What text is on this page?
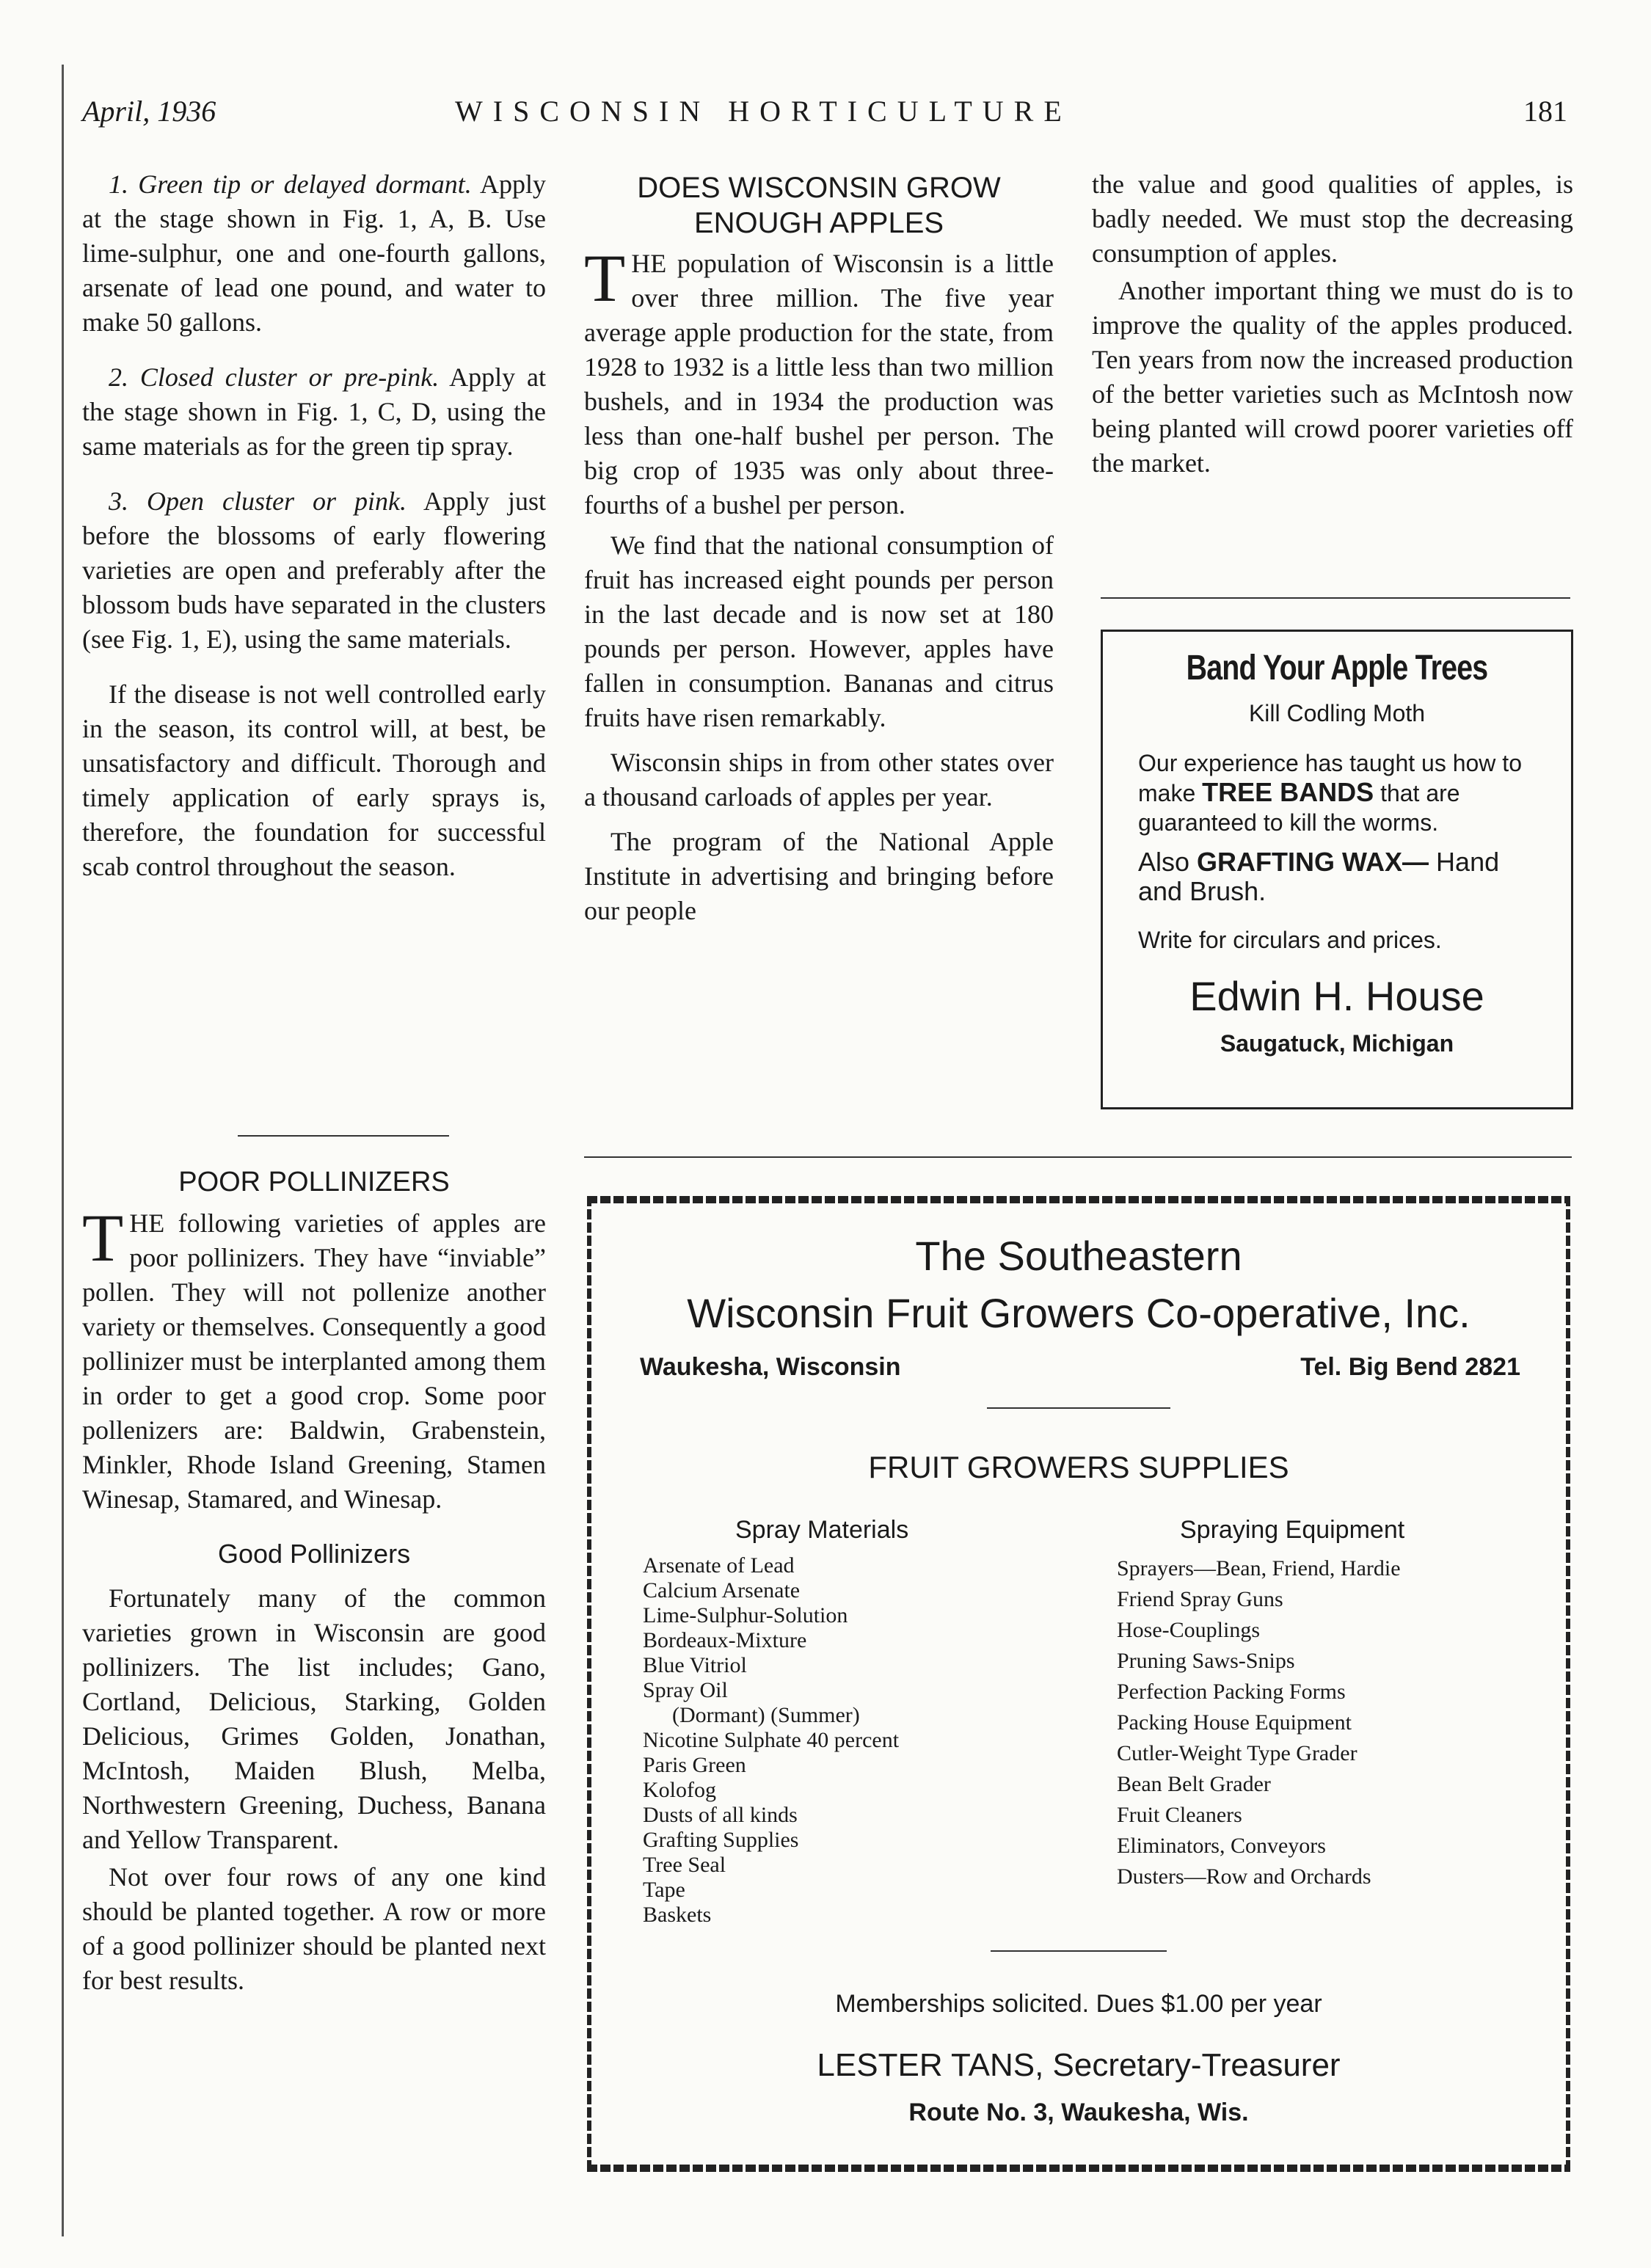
April, 1936	WISCONSIN HORTICULTURE	181

1. Green tip or delayed dormant. Apply at the stage shown in Fig. 1, A, B. Use lime-sulphur, one and one-fourth gallons, arsenate of lead one pound, and water to make 50 gallons.

2. Closed cluster or pre-pink. Apply at the stage shown in Fig. 1, C, D, using the same materials as for the green tip spray.

3. Open cluster or pink. Apply just before the blossoms of early flowering varieties are open and preferably after the blossom buds have separated in the clusters (see Fig. 1, E), using the same materials.

If the disease is not well controlled early in the season, its control will, at best, be unsatisfactory and difficult. Thorough and timely application of early sprays is, therefore, the foundation for successful scab control throughout the season.

POOR POLLINIZERS

THE following varieties of apples are poor pollinizers. They have “inviable” pollen. They will not pollenize another variety or themselves. Consequently a good pollinizer must be interplanted among them in order to get a good crop. Some poor pollenizers are: Baldwin, Grabenstein, Minkler, Rhode Island Greening, Stamen Winesap, Stamared, and Winesap.

Good Pollinizers

Fortunately many of the common varieties grown in Wisconsin are good pollinizers. The list includes; Gano, Cortland, Delicious, Starking, Golden Delicious, Grimes Golden, Jonathan, McIntosh, Maiden Blush, Melba, Northwestern Greening, Duchess, Banana and Yellow Transparent.

Not over four rows of any one kind should be planted together. A row or more of a good pollinizer should be planted next for best results.

DOES WISCONSIN GROW ENOUGH APPLES

THE population of Wisconsin is a little over three million. The five year average apple production for the state, from 1928 to 1932 is a little less than two million bushels, and in 1934 the production was less than one-half bushel per person. The big crop of 1935 was only about three-fourths of a bushel per person.

We find that the national consumption of fruit has increased eight pounds per person in the last decade and is now set at 180 pounds per person. However, apples have fallen in consumption. Bananas and citrus fruits have risen remarkably.

Wisconsin ships in from other states over a thousand carloads of apples per year.

The program of the National Apple Institute in advertising and bringing before our people

the value and good qualities of apples, is badly needed. We must stop the decreasing consumption of apples.

Another important thing we must do is to improve the quality of the apples produced. Ten years from now the increased production of the better varieties such as McIntosh now being planted will crowd poorer varieties off the market.

Band Your Apple Trees
Kill Codling Moth
Our experience has taught us how to make TREE BANDS that are guaranteed to kill the worms.
Also GRAFTING WAX— Hand and Brush.
Write for circulars and prices.
Edwin H. House
Saugatuck, Michigan
The Southeastern
Wisconsin Fruit Growers Co-operative, Inc.
Waukesha, Wisconsin	Tel. Big Bend 2821
FRUIT GROWERS SUPPLIES
Spray Materials
Arsenate of Lead
Calcium Arsenate
Lime-Sulphur-Solution
Bordeaux-Mixture
Blue Vitriol
Spray Oil
(Dormant) (Summer)
Nicotine Sulphate 40 percent
Paris Green
Kolofog
Dusts of all kinds
Grafting Supplies
Tree Seal
Tape
Baskets
Spraying Equipment
Sprayers—Bean, Friend, Hardie
Friend Spray Guns
Hose-Couplings
Pruning Saws-Snips
Perfection Packing Forms
Packing House Equipment
Cutler-Weight Type Grader
Bean Belt Grader
Fruit Cleaners
Eliminators, Conveyors
Dusters—Row and Orchards
Memberships solicited. Dues $1.00 per year
LESTER TANS, Secretary-Treasurer
Route No. 3, Waukesha, Wis.
